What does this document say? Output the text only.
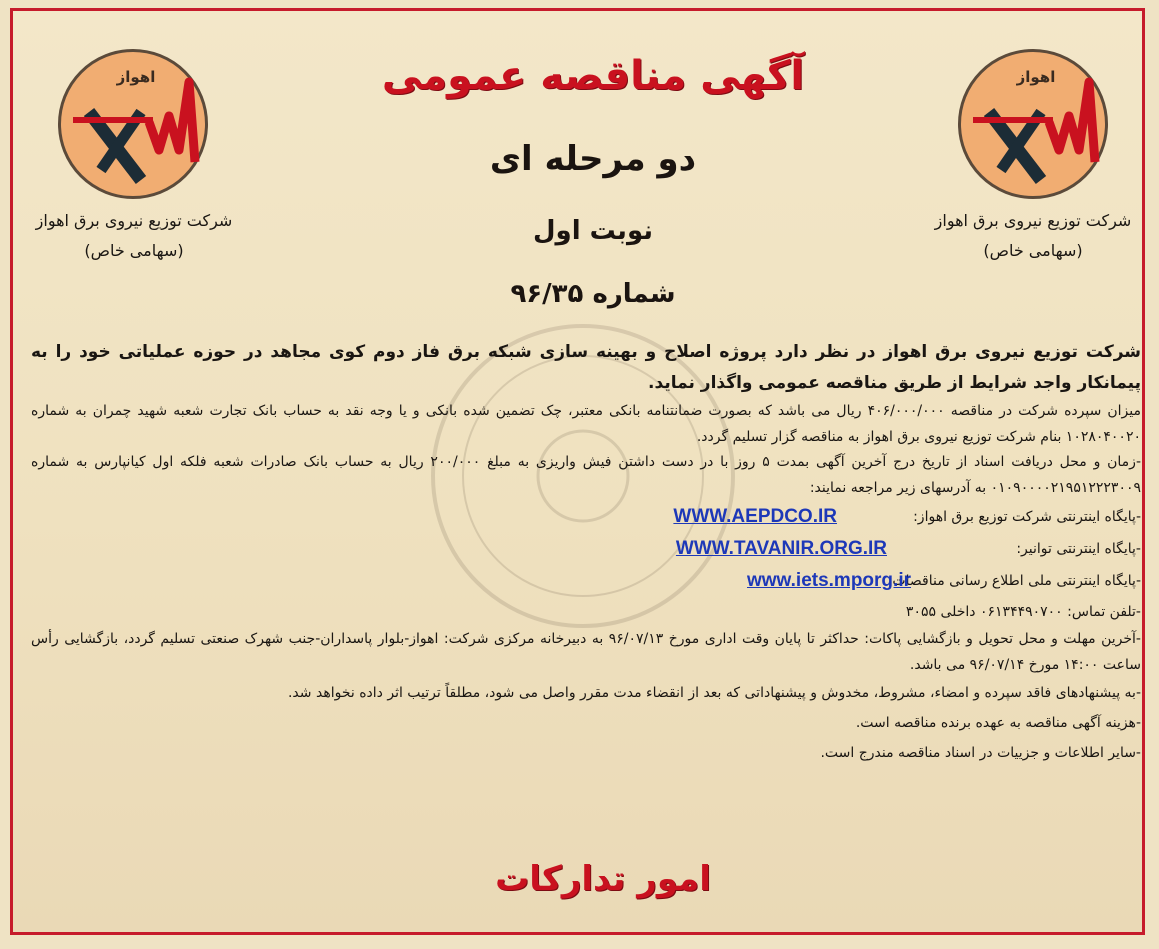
اهواز
شرکت توزیع نیروی برق اهواز
(سهامی خاص)
اهواز
شرکت توزیع نیروی برق اهواز
(سهامی خاص)
آگهی مناقصه عمومی
دو مرحله ای
نوبت اول
شماره ۹۶/۳۵

شرکت توزیع نیروی برق اهواز در نظر دارد پروژه اصلاح و بهینه سازی شبکه برق فاز دوم کوی مجاهد در حوزه عملیاتی خود را به پیمانکار واجد شرایط از طریق مناقصه عمومی واگذار نماید.

میزان سپرده شرکت در مناقصه ۴۰۶/۰۰۰/۰۰۰ ریال می باشد که بصورت ضمانتنامه بانکی معتبر، چک تضمین شده بانکی و یا وجه نقد به حساب بانک تجارت شعبه شهید چمران به شماره ۱۰۲۸۰۴۰۰۲۰ بنام شرکت توزیع نیروی برق اهواز به مناقصه گزار تسلیم گردد.

-زمان و محل دریافت اسناد از تاریخ درج آخرین آگهی بمدت ۵ روز با در دست داشتن فیش واریزی به مبلغ ۲۰۰/۰۰۰ ریال به حساب بانک صادرات شعبه فلکه اول کیانپارس به شماره ۰۱۰۹۰۰۰۰۲۱۹۵۱۲۲۲۳۰۰۹ به آدرسهای زیر مراجعه نمایند:

-پایگاه اینترنتی شرکت توزیع برق اهواز:
WWW.AEPDCO.IR
-پایگاه اینترنتی توانیر:
WWW.TAVANIR.ORG.IR
-پایگاه اینترنتی ملی اطلاع رسانی مناقصات:
www.iets.mporg.ir

-تلفن تماس: ۰۶۱۳۴۴۹۰۷۰۰ داخلی ۳۰۵۵

-آخرین مهلت و محل تحویل و بازگشایی پاکات: حداکثر تا پایان وقت اداری مورخ ۹۶/۰۷/۱۳ به دبیرخانه مرکزی شرکت: اهواز-بلوار پاسداران-جنب شهرک صنعتی تسلیم گردد، بازگشایی رأس ساعت ۱۴:۰۰ مورخ ۹۶/۰۷/۱۴ می باشد.

-به پیشنهادهای فاقد سپرده و امضاء، مشروط، مخدوش و پیشنهاداتی که بعد از انقضاء مدت مقرر واصل می شود، مطلقاً ترتیب اثر داده نخواهد شد.

-هزینه آگهی مناقصه به عهده برنده مناقصه است.

-سایر اطلاعات و جزییات در اسناد مناقصه مندرج است.

امور تدارکات
